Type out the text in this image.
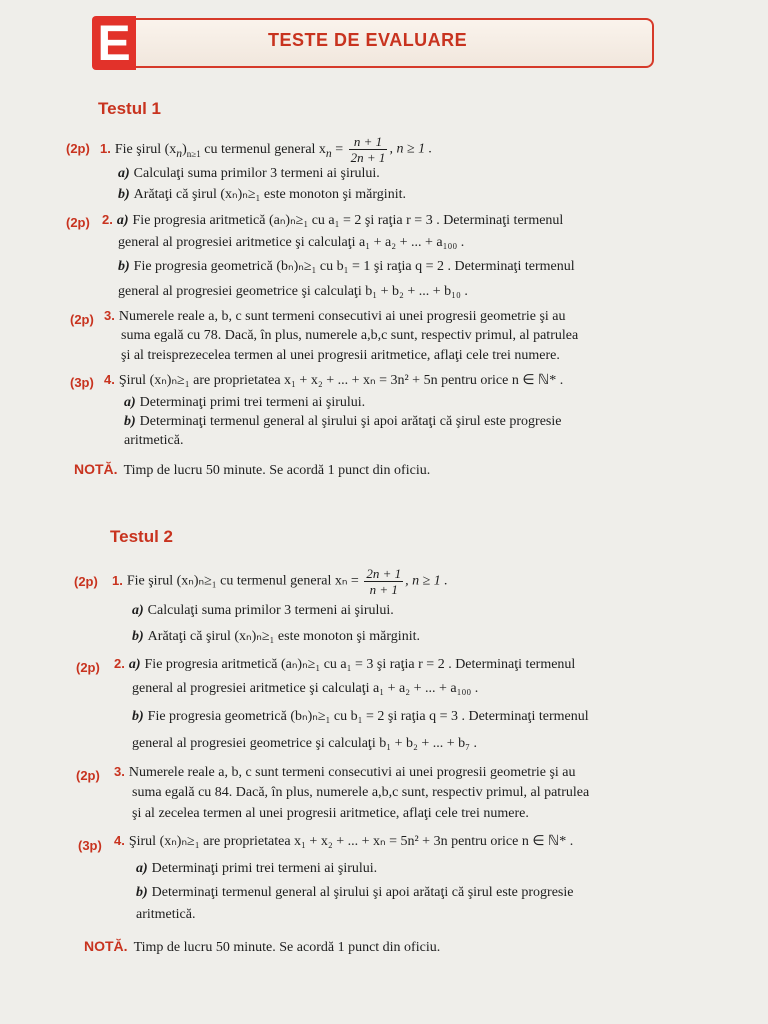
E	TESTE DE EVALUARE
Testul 1
(2p) 1. Fie şirul $(x_n)_{n\ge 1}$ cu termenul general $x_n = \frac{n + 1}{2n + 1}$ , n ≥ 1 .
a) Calculaţi suma primilor 3 termeni ai şirului.
b) Arătaţi că şirul (xₙ)ₙ≥₁ este monoton şi mărginit.
(2p) 2. a) Fie progresia aritmetică (aₙ)ₙ≥₁ cu a₁ = 2 şi raţia r = 3 . Determinaţi termenul
general al progresiei aritmetice şi calculaţi a₁ + a₂ + ... + a₁₀₀ .
b) Fie progresia geometrică (bₙ)ₙ≥₁ cu b₁ = 1 şi raţia q = 2 . Determinaţi termenul
general al progresiei geometrice şi calculaţi b₁ + b₂ + ... + b₁₀ .
(2p) 3. Numerele reale a, b, c sunt termeni consecutivi ai unei progresii geometrie şi au
suma egală cu 78. Dacă, în plus, numerele a,b,c sunt, respectiv primul, al patrulea
şi al treisprezecelea termen al unei progresii aritmetice, aflaţi cele trei numere.
(3p) 4. Şirul (xₙ)ₙ≥₁ are proprietatea x₁ + x₂ + ... + xₙ = 3n² + 5n pentru orice n ∈ ℕ* .
a) Determinaţi primi trei termeni ai şirului.
b) Determinaţi termenul general al şirului şi apoi arătaţi că şirul este progresie
aritmetică.
NOTĂ. Timp de lucru 50 minute. Se acordă 1 punct din oficiu.
Testul 2
(2p) 1. Fie şirul (xₙ)ₙ≥₁ cu termenul general $x_n = \frac{2n + 1}{n + 1}$ , n ≥ 1 .
a) Calculaţi suma primilor 3 termeni ai şirului.
b) Arătaţi că şirul (xₙ)ₙ≥₁ este monoton şi mărginit.
(2p) 2. a) Fie progresia aritmetică (aₙ)ₙ≥₁ cu a₁ = 3 şi raţia r = 2 . Determinaţi termenul
general al progresiei aritmetice şi calculaţi a₁ + a₂ + ... + a₁₀₀ .
b) Fie progresia geometrică (bₙ)ₙ≥₁ cu b₁ = 2 şi raţia q = 3 . Determinaţi termenul
general al progresiei geometrice şi calculaţi b₁ + b₂ + ... + b₇ .
(2p) 3. Numerele reale a, b, c sunt termeni consecutivi ai unei progresii geometrie şi au
suma egală cu 84. Dacă, în plus, numerele a,b,c sunt, respectiv primul, al patrulea
şi al zecelea termen al unei progresii aritmetice, aflaţi cele trei numere.
(3p) 4. Şirul (xₙ)ₙ≥₁ are proprietatea x₁ + x₂ + ... + xₙ = 5n² + 3n pentru orice n ∈ ℕ* .
a) Determinaţi primi trei termeni ai şirului.
b) Determinaţi termenul general al şirului şi apoi arătaţi că şirul este progresie
aritmetică.
NOTĂ. Timp de lucru 50 minute. Se acordă 1 punct din oficiu.
